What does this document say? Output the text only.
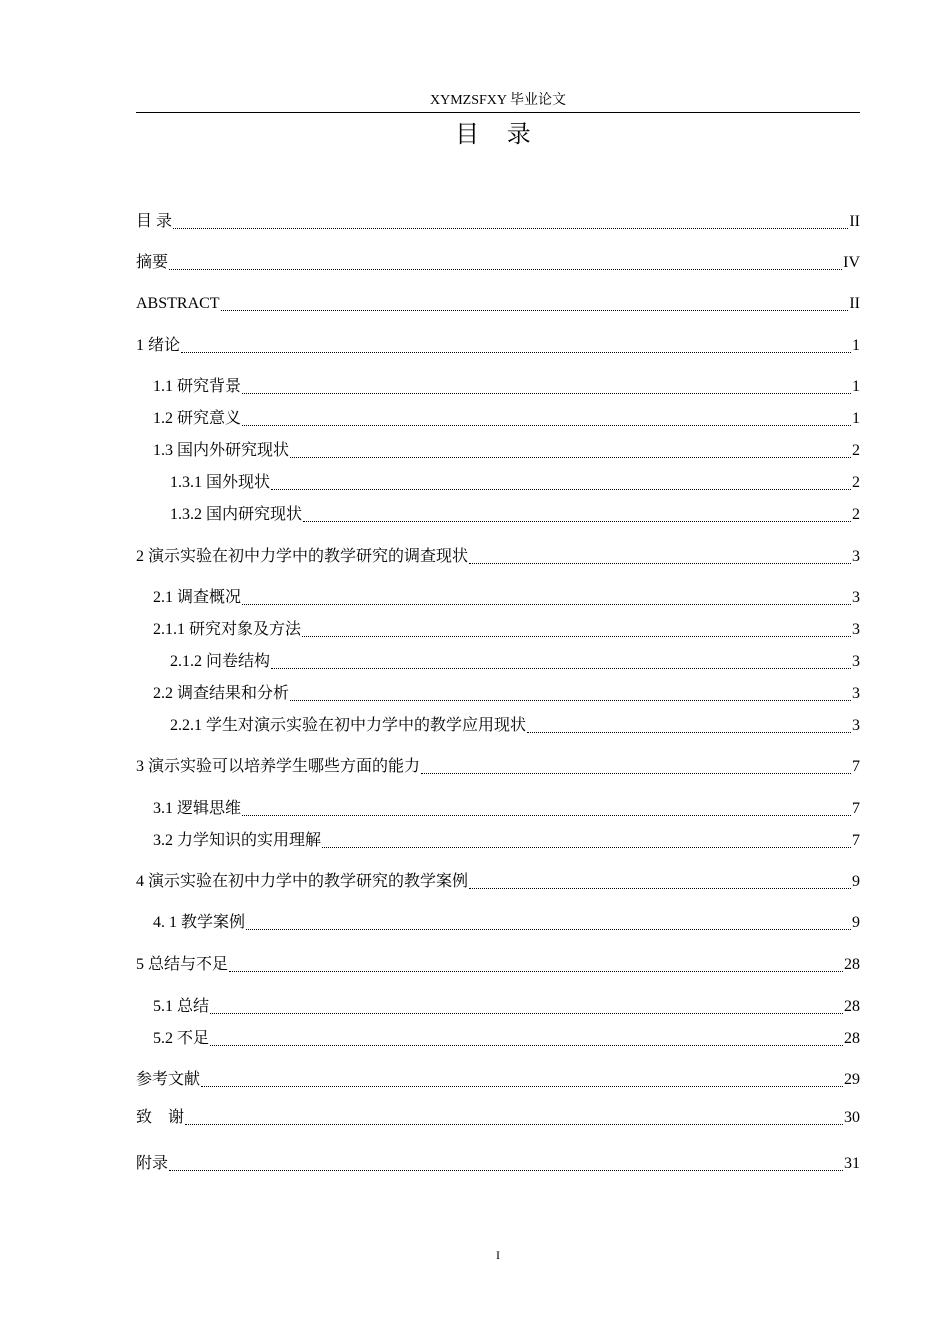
XYMZSFXY 毕业论文
目 录
目 录	II
摘要	IV
ABSTRACT	II
1 绪论	1
1.1 研究背景	1
1.2 研究意义	1
1.3 国内外研究现状	2
1.3.1 国外现状	2
1.3.2 国内研究现状	2
2 演示实验在初中力学中的教学研究的调查现状	3
2.1 调查概况	3
2.1.1 研究对象及方法	3
2.1.2 问卷结构	3
2.2 调查结果和分析	3
2.2.1 学生对演示实验在初中力学中的教学应用现状	3
3 演示实验可以培养学生哪些方面的能力	7
3.1 逻辑思维	7
3.2 力学知识的实用理解	7
4 演示实验在初中力学中的教学研究的教学案例	9
4. 1 教学案例	9
5 总结与不足	28
5.1 总结	28
5.2 不足	28
参考文献	29
致    谢	30
附录	31
I
